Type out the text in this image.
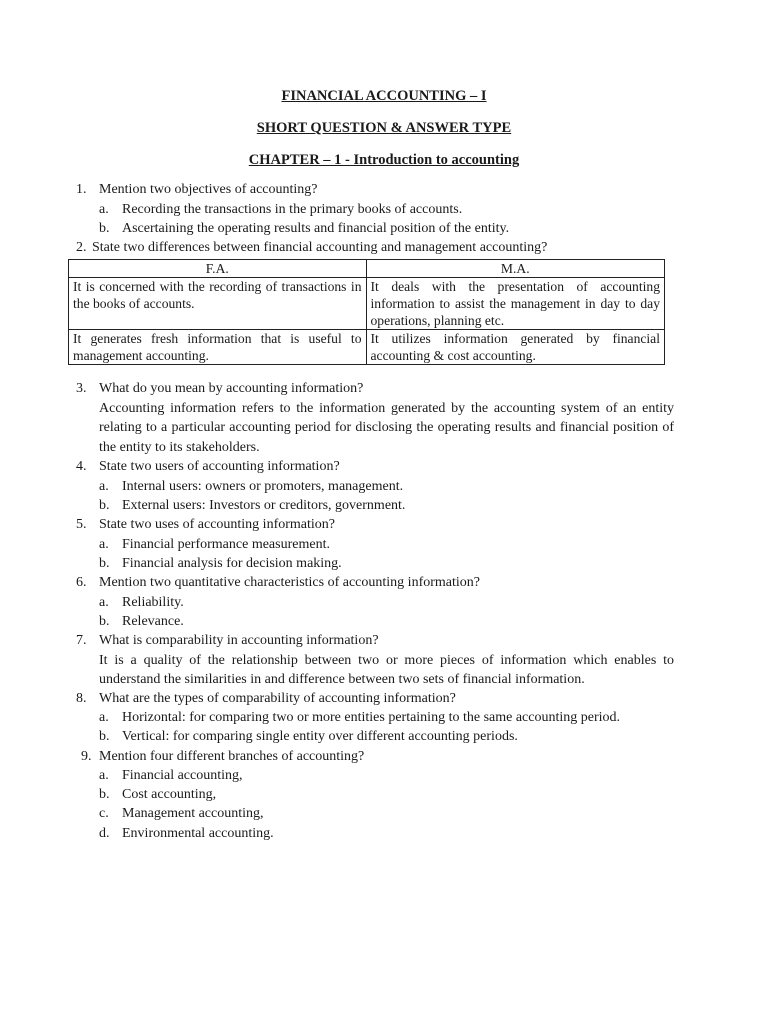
FINANCIAL ACCOUNTING – I
SHORT QUESTION & ANSWER TYPE
CHAPTER – 1 - Introduction to accounting
1. Mention two objectives of accounting?
a. Recording the transactions in the primary books of accounts.
b. Ascertaining the operating results and financial position of the entity.
2. State two differences between financial accounting and management accounting?
F.A.	M.A.
It is concerned with the recording of transactions in the books of accounts.	It deals with the presentation of accounting information to assist the management in day to day operations, planning etc.
It generates fresh information that is useful to management accounting.	It utilizes information generated by financial accounting & cost accounting.
3. What do you mean by accounting information?
Accounting information refers to the information generated by the accounting system of an entity relating to a particular accounting period for disclosing the operating results and financial position of the entity to its stakeholders.
4. State two users of accounting information?
a. Internal users: owners or promoters, management.
b. External users: Investors or creditors, government.
5. State two uses of accounting information?
a. Financial performance measurement.
b. Financial analysis for decision making.
6. Mention two quantitative characteristics of accounting information?
a. Reliability.
b. Relevance.
7. What is comparability in accounting information?
It is a quality of the relationship between two or more pieces of information which enables to understand the similarities in and difference between two sets of financial information.
8. What are the types of comparability of accounting information?
a. Horizontal: for comparing two or more entities pertaining to the same accounting period.
b. Vertical: for comparing single entity over different accounting periods.
9. Mention four different branches of accounting?
a. Financial accounting,
b. Cost accounting,
c. Management accounting,
d. Environmental accounting.
